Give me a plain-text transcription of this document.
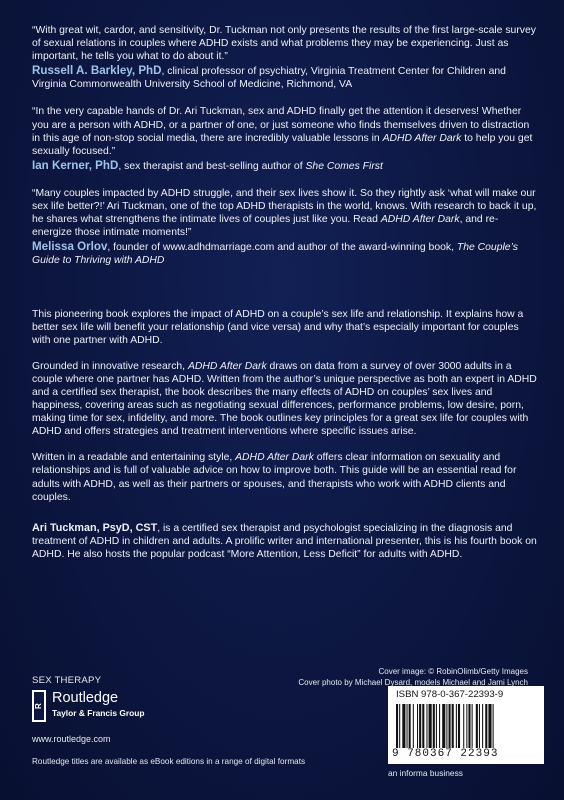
“With great wit, cardor, and sensitivity, Dr. Tuckman not only presents the results of the first large-scale survey of sexual relations in couples where ADHD exists and what problems they may be experiencing. Just as important, he tells you what to do about it.”

Russell A. Barkley, PhD, clinical professor of psychiatry, Virginia Treatment Center for Children and Virginia Commonwealth University School of Medicine, Richmond, VA

“In the very capable hands of Dr. Ari Tuckman, sex and ADHD finally get the attention it deserves! Whether you are a person with ADHD, or a partner of one, or just someone who finds themselves driven to distraction in this age of non-stop social media, there are incredibly valuable lessons in ADHD After Dark to help you get sexually focused.”

Ian Kerner, PhD, sex therapist and best-selling author of She Comes First

“Many couples impacted by ADHD struggle, and their sex lives show it. So they rightly ask ‘what will make our sex life better?!’ Ari Tuckman, one of the top ADHD therapists in the world, knows. With research to back it up, he shares what strengthens the intimate lives of couples just like you. Read ADHD After Dark, and re-energize those intimate moments!”

Melissa Orlov, founder of www.adhdmarriage.com and author of the award-winning book, The Couple’s Guide to Thriving with ADHD

This pioneering book explores the impact of ADHD on a couple’s sex life and relationship. It explains how a better sex life will benefit your relationship (and vice versa) and why that’s especially important for couples with one partner with ADHD.

Grounded in innovative research, ADHD After Dark draws on data from a survey of over 3000 adults in a couple where one partner has ADHD. Written from the author’s unique perspective as both an expert in ADHD and a certified sex therapist, the book describes the many effects of ADHD on couples’ sex lives and happiness, covering areas such as negotiating sexual differences, performance problems, low desire, porn, making time for sex, infidelity, and more. The book outlines key principles for a great sex life for couples with ADHD and offers strategies and treatment interventions where specific issues arise.

Written in a readable and entertaining style, ADHD After Dark offers clear information on sexuality and relationships and is full of valuable advice on how to improve both. This guide will be an essential read for adults with ADHD, as well as their partners or spouses, and therapists who work with ADHD clients and couples.

Ari Tuckman, PsyD, CST, is a certified sex therapist and psychologist specializing in the diagnosis and treatment of ADHD in children and adults. A prolific writer and international presenter, this is his fourth book on ADHD. He also hosts the popular podcast “More Attention, Less Deficit” for adults with ADHD.

SEX THERAPY
R Routledge
Taylor & Francis Group
www.routledge.com
Routledge titles are available as eBook editions in a range of digital formats
Cover image: © RobinOlimb/Getty Images
Cover photo by Michael Dysard, models Michael and Jami Lynch
ISBN 978-0-367-22393-9
9 780367 22393
an informa business
